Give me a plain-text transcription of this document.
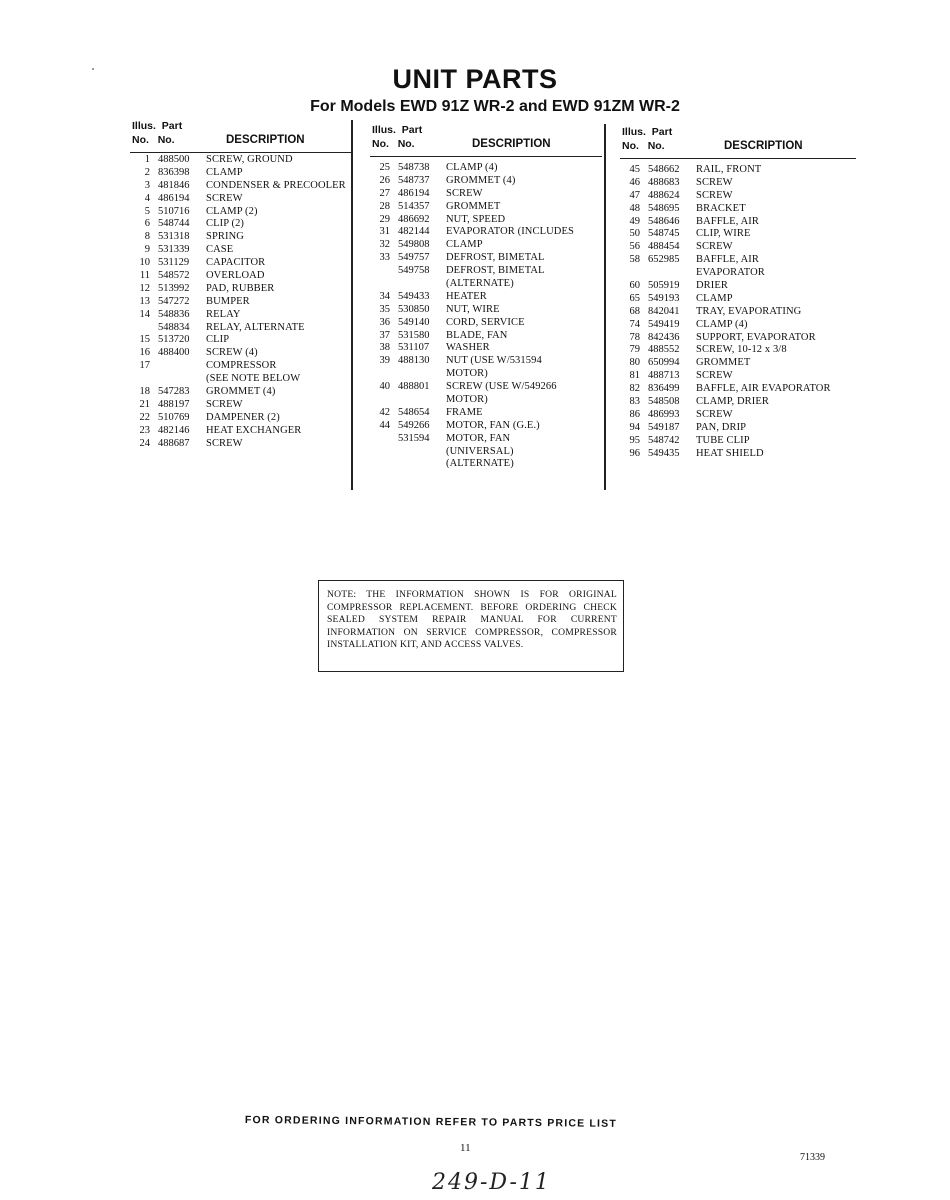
UNIT PARTS
For Models EWD 91Z WR-2 and EWD 91ZM WR-2
Illus. Part
No. No.	DESCRIPTION
1 488500 SCREW, GROUND
2 836398 CLAMP
3 481846 CONDENSER & PRECOOLER
4 486194 SCREW
5 510716 CLAMP (2)
6 548744 CLIP (2)
8 531318 SPRING
9 531339 CASE
10 531129 CAPACITOR
11 548572 OVERLOAD
12 513992 PAD, RUBBER
13 547272 BUMPER
14 548836 RELAY
548834 RELAY, ALTERNATE
15 513720 CLIP
16 488400 SCREW (4)
17	COMPRESSOR
(SEE NOTE BELOW
18 547283 GROMMET (4)
21 488197 SCREW
22 510769 DAMPENER (2)
23 482146 HEAT EXCHANGER
24 488687 SCREW
Illus. Part
No. No.	DESCRIPTION
25 548738 CLAMP (4)
26 548737 GROMMET (4)
27 486194 SCREW
28 514357 GROMMET
29 486692 NUT, SPEED
31 482144 EVAPORATOR (INCLUDES
32 549808 CLAMP
33 549757 DEFROST, BIMETAL
549758 DEFROST, BIMETAL
(ALTERNATE)
34 549433 HEATER
35 530850 NUT, WIRE
36 549140 CORD, SERVICE
37 531580 BLADE, FAN
38 531107 WASHER
39 488130 NUT (USE W/531594
MOTOR)
40 488801 SCREW (USE W/549266
MOTOR)
42 548654 FRAME
44 549266 MOTOR, FAN (G.E.)
531594 MOTOR, FAN
(UNIVERSAL)
(ALTERNATE)
Illus. Part
No. No.	DESCRIPTION
45 548662 RAIL, FRONT
46 488683 SCREW
47 488624 SCREW
48 548695 BRACKET
49 548646 BAFFLE, AIR
50 548745 CLIP, WIRE
56 488454 SCREW
58 652985 BAFFLE, AIR
EVAPORATOR
60 505919 DRIER
65 549193 CLAMP
68 842041 TRAY, EVAPORATING
74 549419 CLAMP (4)
78 842436 SUPPORT, EVAPORATOR
79 488552 SCREW, 10-12 x 3/8
80 650994 GROMMET
81 488713 SCREW
82 836499 BAFFLE, AIR EVAPORATOR
83 548508 CLAMP, DRIER
86 486993 SCREW
94 549187 PAN, DRIP
95 548742 TUBE CLIP
96 549435 HEAT SHIELD
NOTE: THE INFORMATION SHOWN IS FOR ORIGINAL COMPRESSOR REPLACEMENT. BEFORE ORDERING CHECK SEALED SYSTEM REPAIR MANUAL FOR CURRENT INFORMATION ON SERVICE COMPRESSOR, COMPRESSOR INSTALLATION KIT, AND ACCESS VALVES.
FOR ORDERING INFORMATION REFER TO PARTS PRICE LIST
11
71339
249-D-11
